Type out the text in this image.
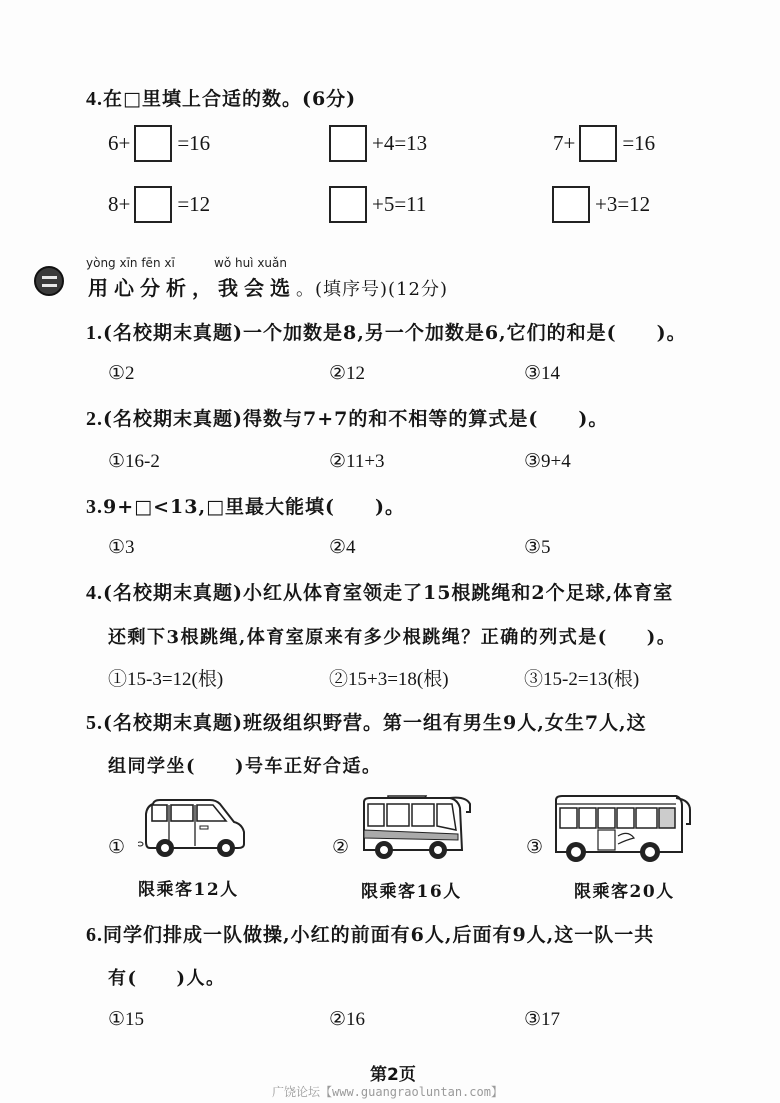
4.在□里填上合适的数。(6分)
6+ =16	+4=13	7+ =16
8+ =12	+5=11	+3=12
yòng xīn fēn xī	wǒ huì xuǎn
用心分析，我会选。(填序号)(12分)
1.(名校期末真题)一个加数是8,另一个加数是6,它们的和是(　　)。
①2	②12	③14
2.(名校期末真题)得数与7+7的和不相等的算式是(　　)。
①16-2	②11+3	③9+4
3.9+□<13,□里最大能填(　　)。
①3	②4	③5
4.(名校期末真题)小红从体育室领走了15根跳绳和2个足球,体育室
还剩下3根跳绳,体育室原来有多少根跳绳？正确的列式是(　　)。
①15-3=12(根)	②15+3=18(根)	③15-2=13(根)
5.(名校期末真题)班级组织野营。第一组有男生9人,女生7人,这
组同学坐(　　)号车正好合适。
①
限乘客12人
②
限乘客16人
③
限乘客20人
6.同学们排成一队做操,小红的前面有6人,后面有9人,这一队一共
有(　　)人。
①15	②16	③17
第2页
广饶论坛【www.guangraoluntan.com】
